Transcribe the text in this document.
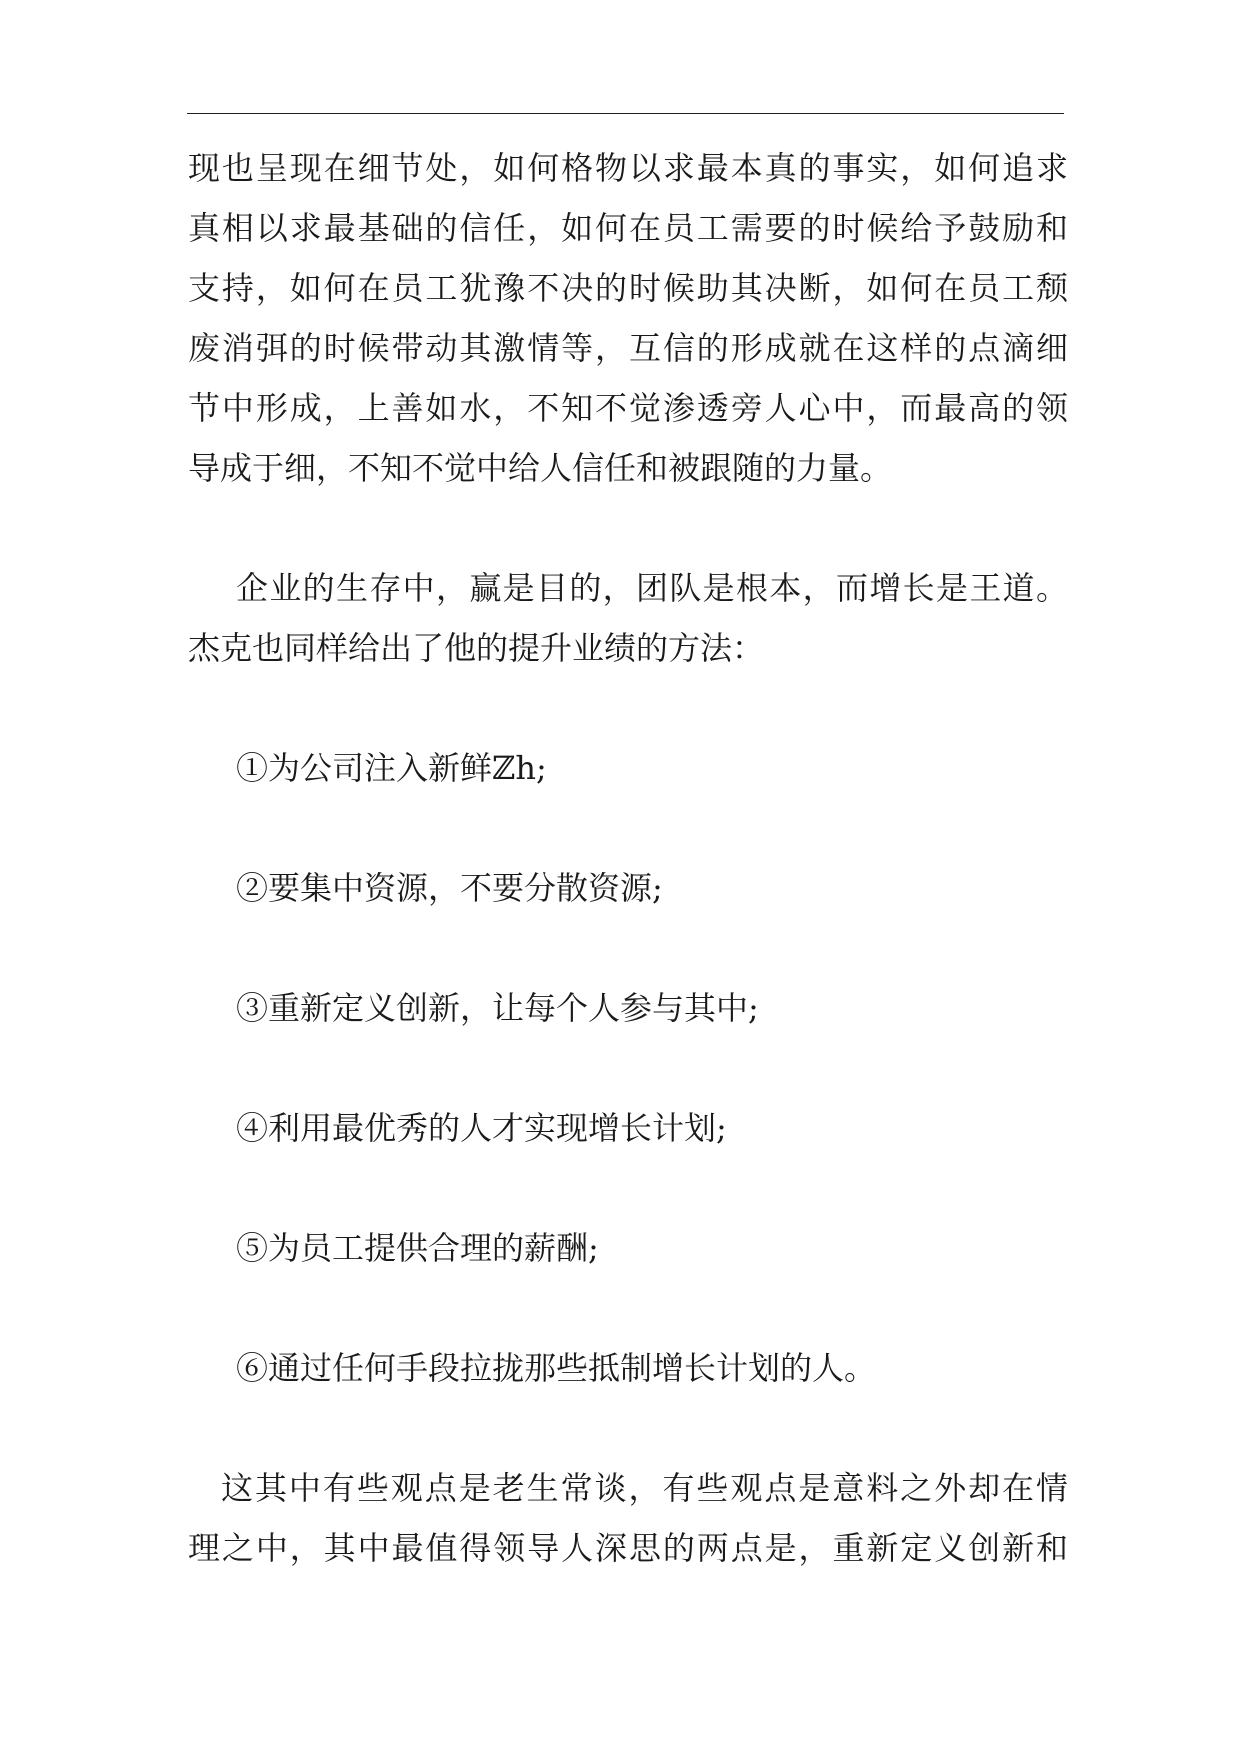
现也呈现在细节处，如何格物以求最本真的事实，如何追求
真相以求最基础的信任，如何在员工需要的时候给予鼓励和
支持，如何在员工犹豫不决的时候助其决断，如何在员工颓
废消弭的时候带动其激情等，互信的形成就在这样的点滴细
节中形成，上善如水，不知不觉渗透旁人心中，而最高的领
导成于细，不知不觉中给人信任和被跟随的力量。
企业的生存中，赢是目的，团队是根本，而增长是王道。
杰克也同样给出了他的提升业绩的方法：
①为公司注入新鲜ℤh;
②要集中资源，不要分散资源;
③重新定义创新，让每个人参与其中;
④利用最优秀的人才实现增长计划;
⑤为员工提供合理的薪酬;
⑥通过任何手段拉拢那些抵制增长计划的人。
这其中有些观点是老生常谈，有些观点是意料之外却在情
理之中，其中最值得领导人深思的两点是，重新定义创新和
